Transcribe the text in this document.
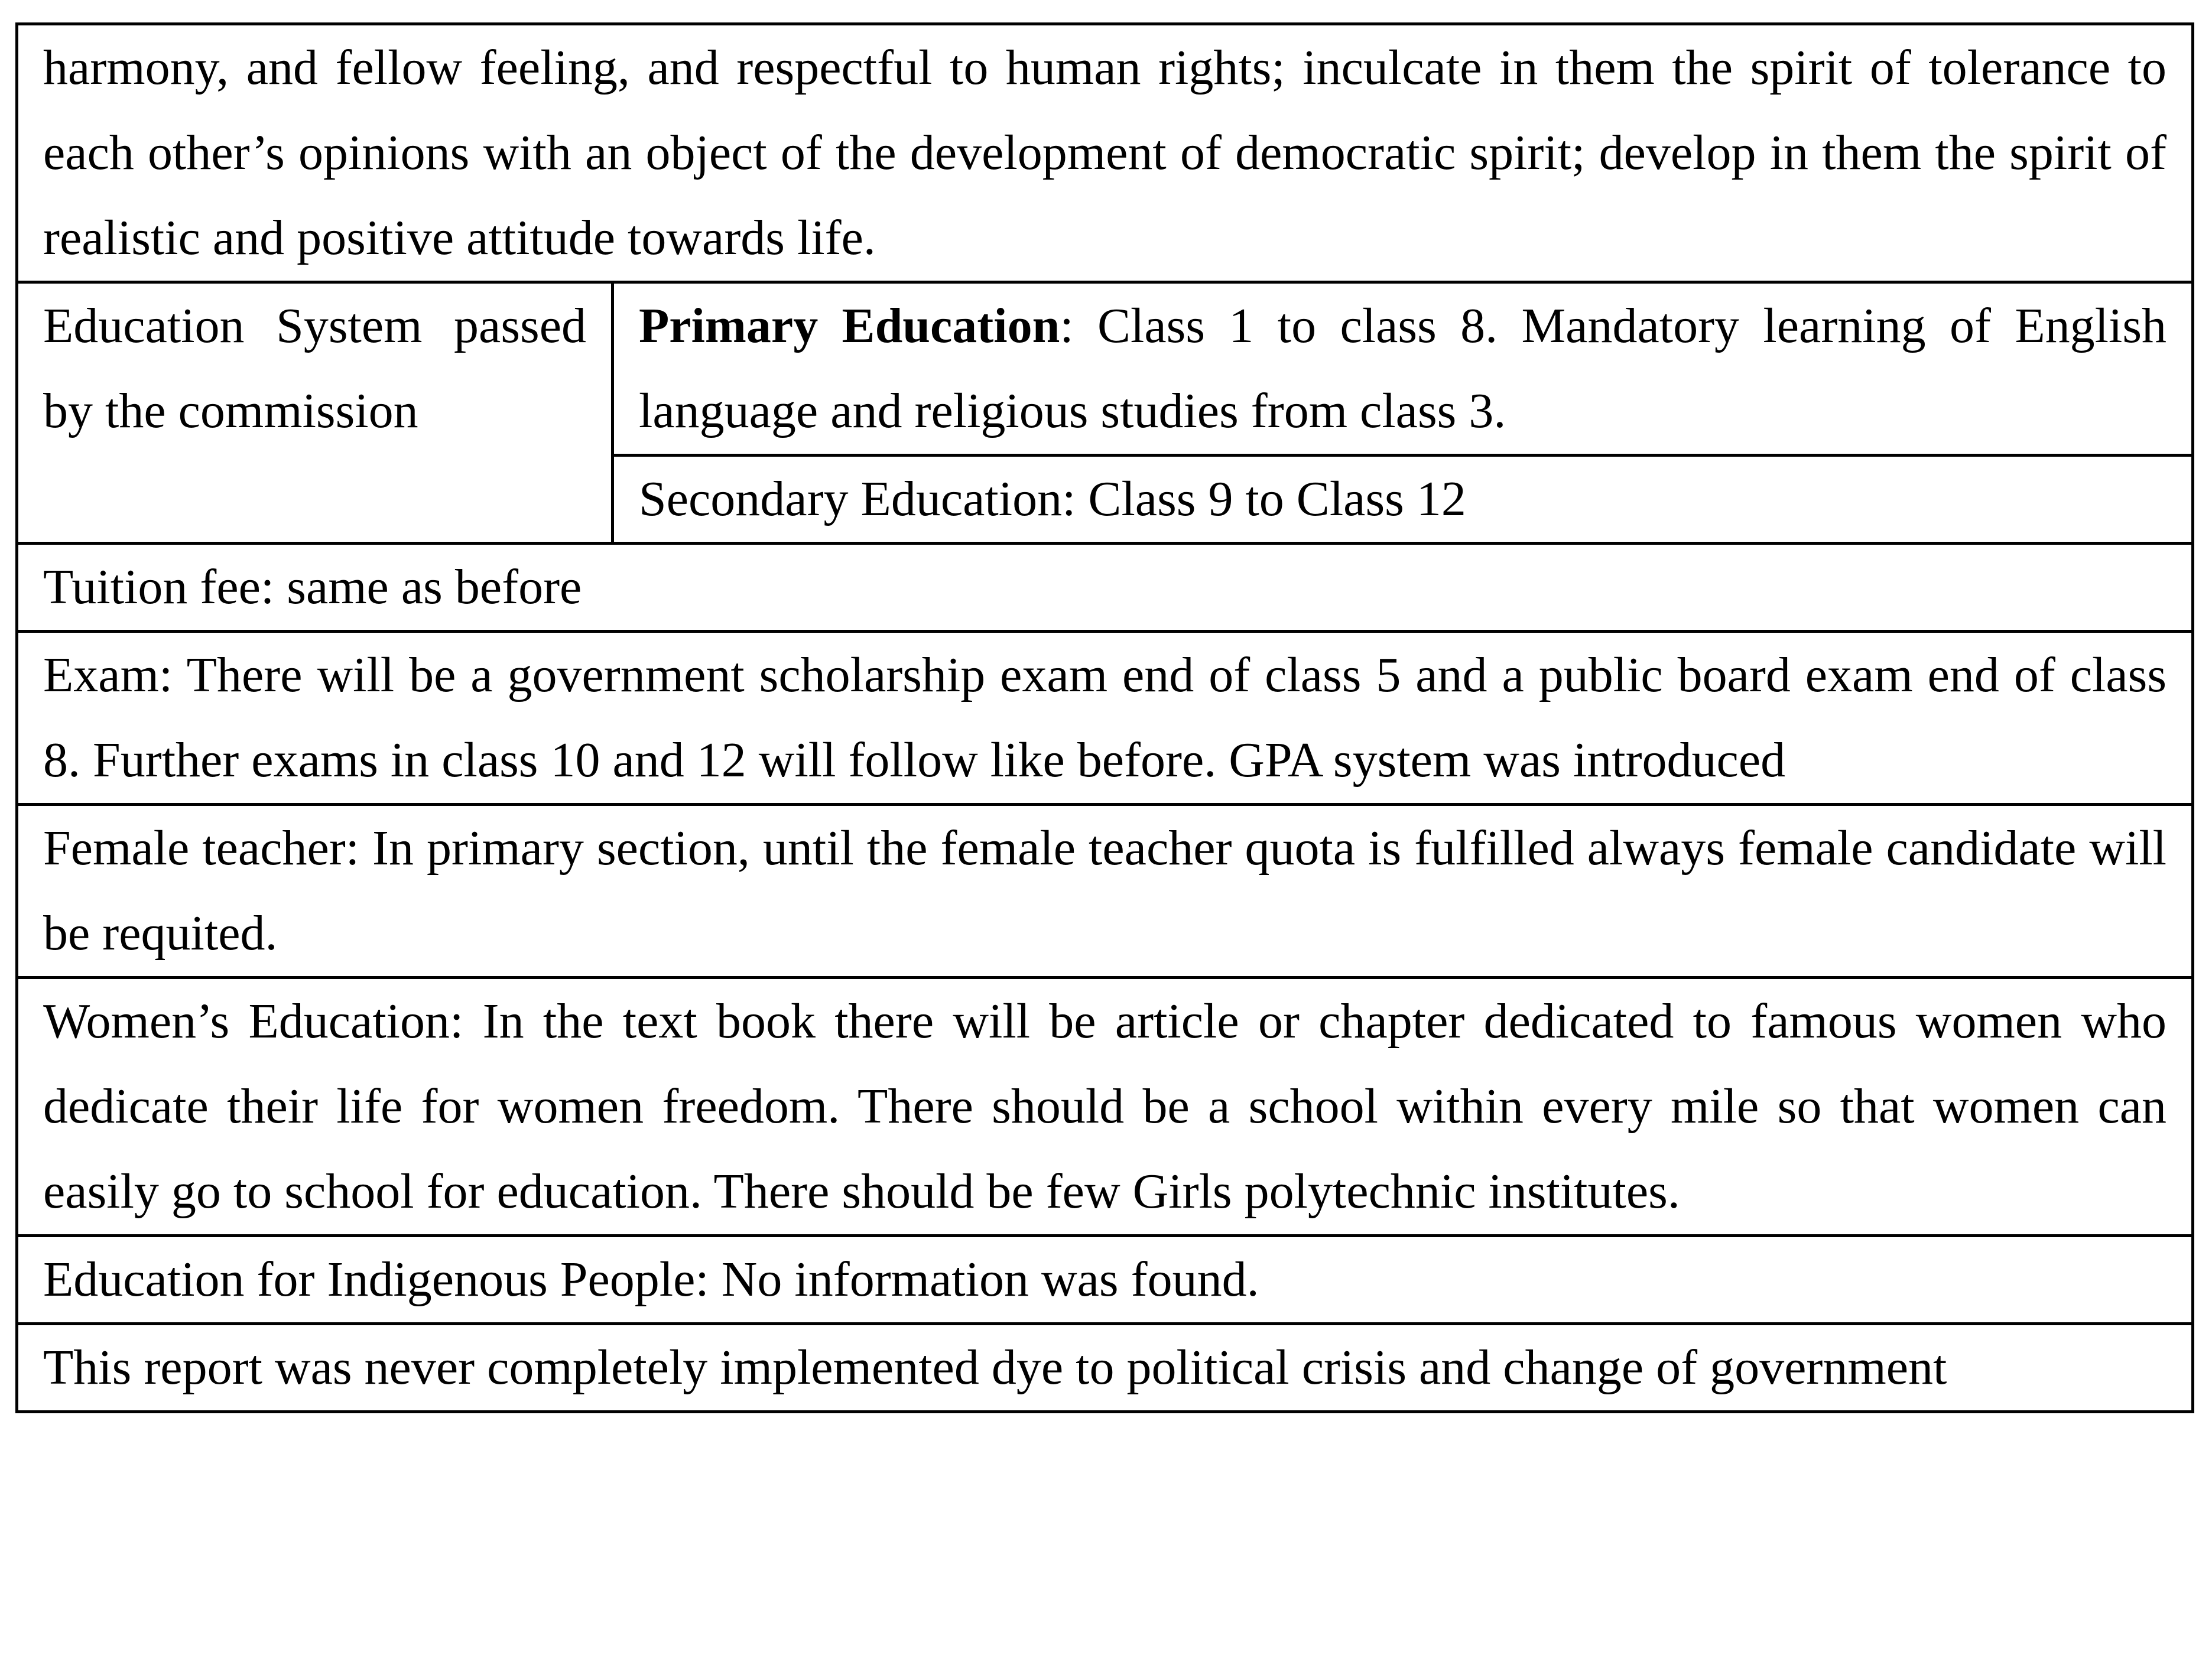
harmony, and fellow feeling, and respectful to human rights; inculcate in them the spirit of tolerance to each other’s opinions with an object of the development of democratic spirit; develop in them the spirit of realistic and positive attitude towards life.
Education System passed by the commission	Primary Education: Class 1 to class 8. Mandatory learning of English language and religious studies from class 3.
Secondary Education: Class 9 to Class 12
Tuition fee: same as before
Exam: There will be a government scholarship exam end of class 5 and a public board exam end of class 8. Further exams in class 10 and 12 will follow like before. GPA system was introduced
Female teacher: In primary section, until the female teacher quota is fulfilled always female candidate will be requited.
Women’s Education: In the text book there will be article or chapter dedicated to famous women who dedicate their life for women freedom. There should be a school within every mile so that women can easily go to school for education. There should be few Girls polytechnic institutes.
Education for Indigenous People: No information was found.
This report was never completely implemented dye to political crisis and change of government
